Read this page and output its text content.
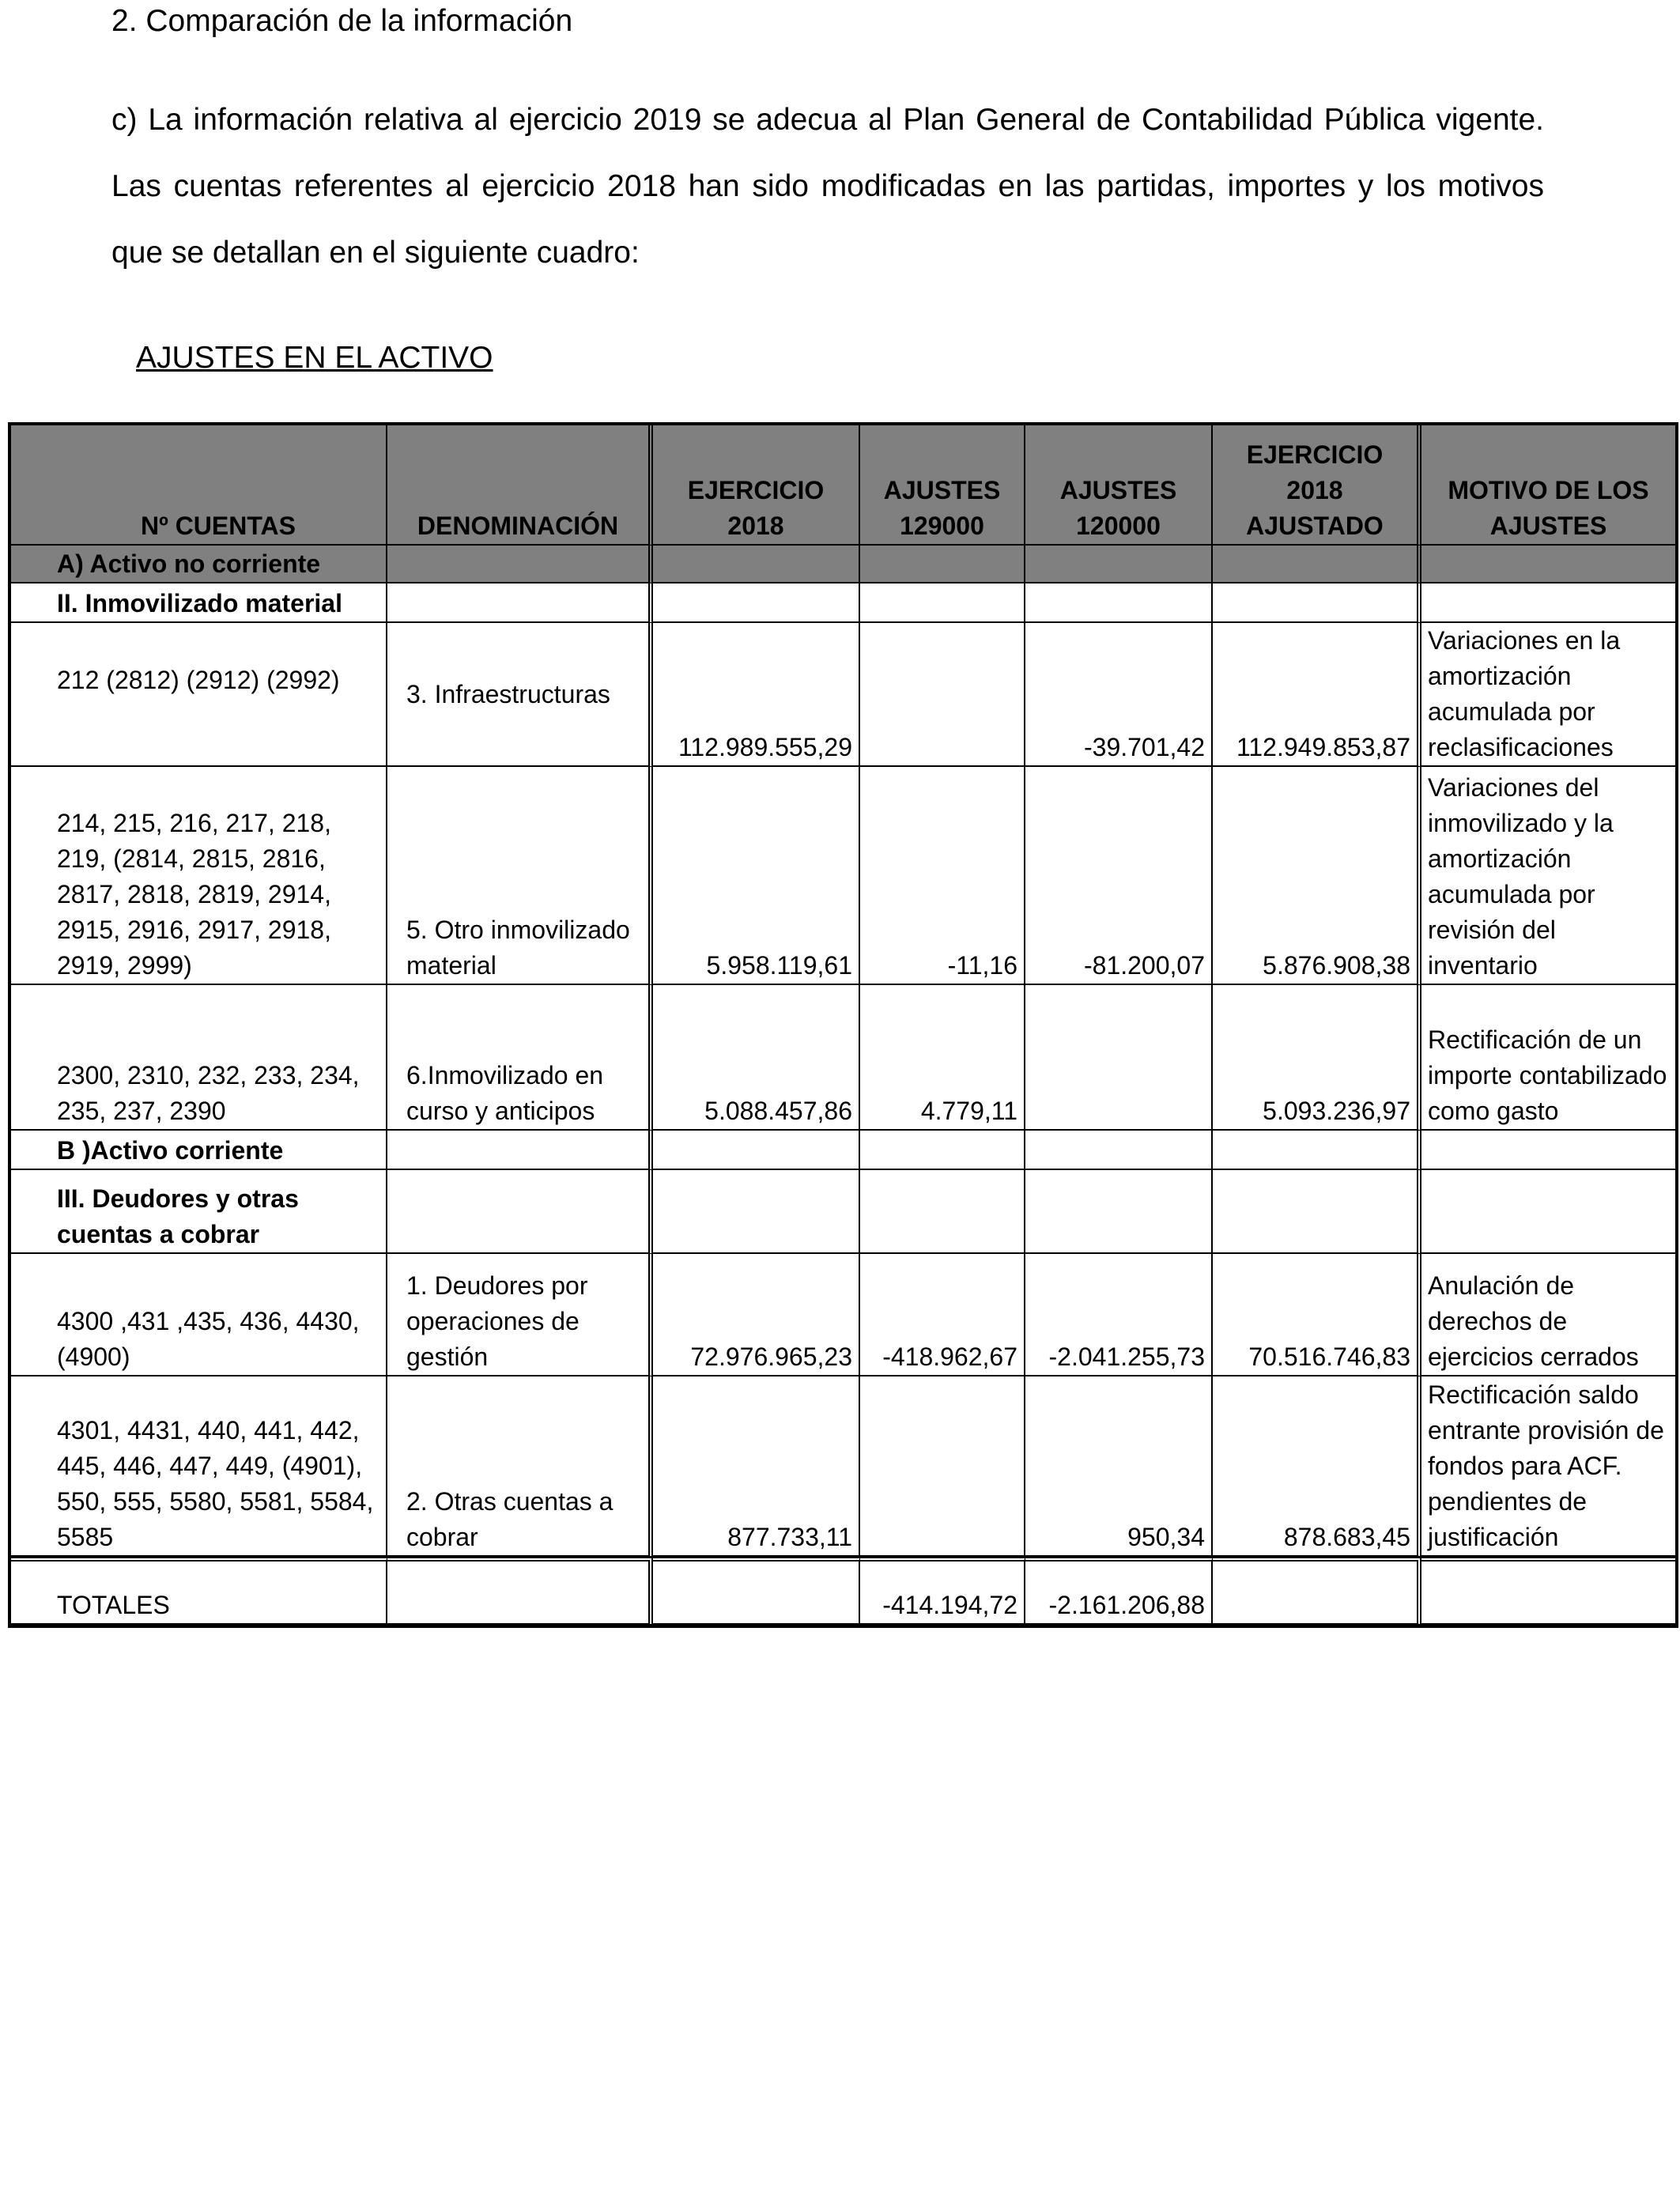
2. Comparación de la información
c) La información relativa al ejercicio 2019 se adecua al Plan General de Contabilidad Pública vigente. Las cuentas referentes al ejercicio 2018 han sido modificadas en las partidas, importes y los motivos que se detallan en el siguiente cuadro:
AJUSTES EN EL ACTIVO
Nº CUENTAS	DENOMINACIÓN	EJERCICIO 2018	AJUSTES 129000	AJUSTES 120000	EJERCICIO 2018 AJUSTADO	MOTIVO DE LOS AJUSTES
A) Activo no corriente						
II. Inmovilizado material						
212 (2812) (2912) (2992)	3. Infraestructuras	112.989.555,29		-39.701,42	112.949.853,87	Variaciones en la amortización acumulada por reclasificaciones
214, 215, 216, 217, 218, 219, (2814, 2815, 2816, 2817, 2818, 2819, 2914, 2915, 2916, 2917, 2918, 2919, 2999)	5. Otro inmovilizado material	5.958.119,61	-11,16	-81.200,07	5.876.908,38	Variaciones del inmovilizado y la amortización acumulada por revisión del inventario
2300, 2310, 232, 233, 234, 235, 237, 2390	6.Inmovilizado en curso y anticipos	5.088.457,86	4.779,11		5.093.236,97	Rectificación de un importe contabilizado como gasto
B )Activo corriente						
III. Deudores y otras cuentas a cobrar						
4300 ,431 ,435, 436, 4430, (4900)	1. Deudores por operaciones de gestión	72.976.965,23	-418.962,67	-2.041.255,73	70.516.746,83	Anulación de derechos de ejercicios cerrados
4301, 4431, 440, 441, 442, 445, 446, 447, 449, (4901), 550, 555, 5580, 5581, 5584, 5585	2. Otras cuentas a cobrar	877.733,11		950,34	878.683,45	Rectificación saldo entrante provisión de fondos para ACF. pendientes de justificación
TOTALES			-414.194,72	-2.161.206,88		
